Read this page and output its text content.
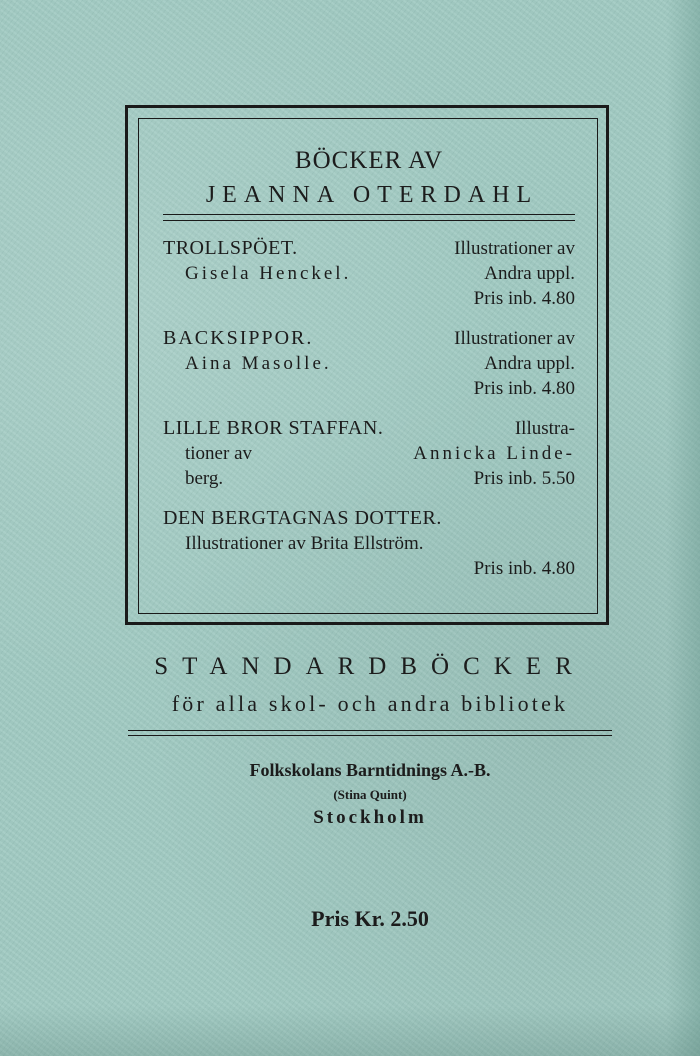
BÖCKER AV
JEANNA OTERDAHL
TROLLSPÖET.	Illustrationer av
Gisela Henckel.	Andra uppl.
Pris inb. 4.80
BACKSIPPOR.	Illustrationer av
Aina Masolle.	Andra uppl.
Pris inb. 4.80
LILLE BROR STAFFAN.	Illustra-
tioner av	Annicka Linde-
berg.	Pris inb. 5.50
DEN BERGTAGNAS DOTTER.
Illustrationer av Brita Ellström.
Pris inb. 4.80
STANDARDBÖCKER
för alla skol- och andra bibliotek
Folkskolans Barntidnings A.-B.
(Stina Quint)
Stockholm
Pris Kr. 2.50
